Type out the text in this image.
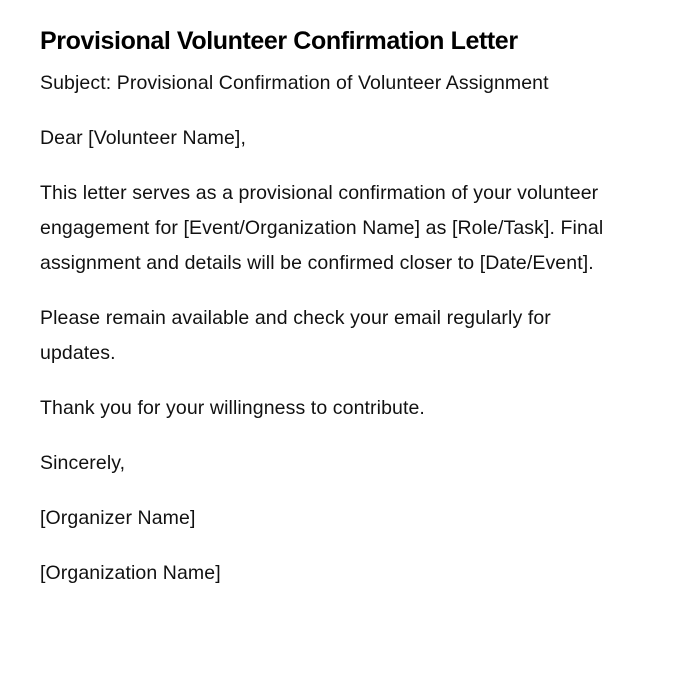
Provisional Volunteer Confirmation Letter

Subject: Provisional Confirmation of Volunteer Assignment

Dear [Volunteer Name],

This letter serves as a provisional confirmation of your volunteer engagement for [Event/Organization Name] as [Role/Task]. Final assignment and details will be confirmed closer to [Date/Event].

Please remain available and check your email regularly for updates.

Thank you for your willingness to contribute.

Sincerely,

[Organizer Name]

[Organization Name]
